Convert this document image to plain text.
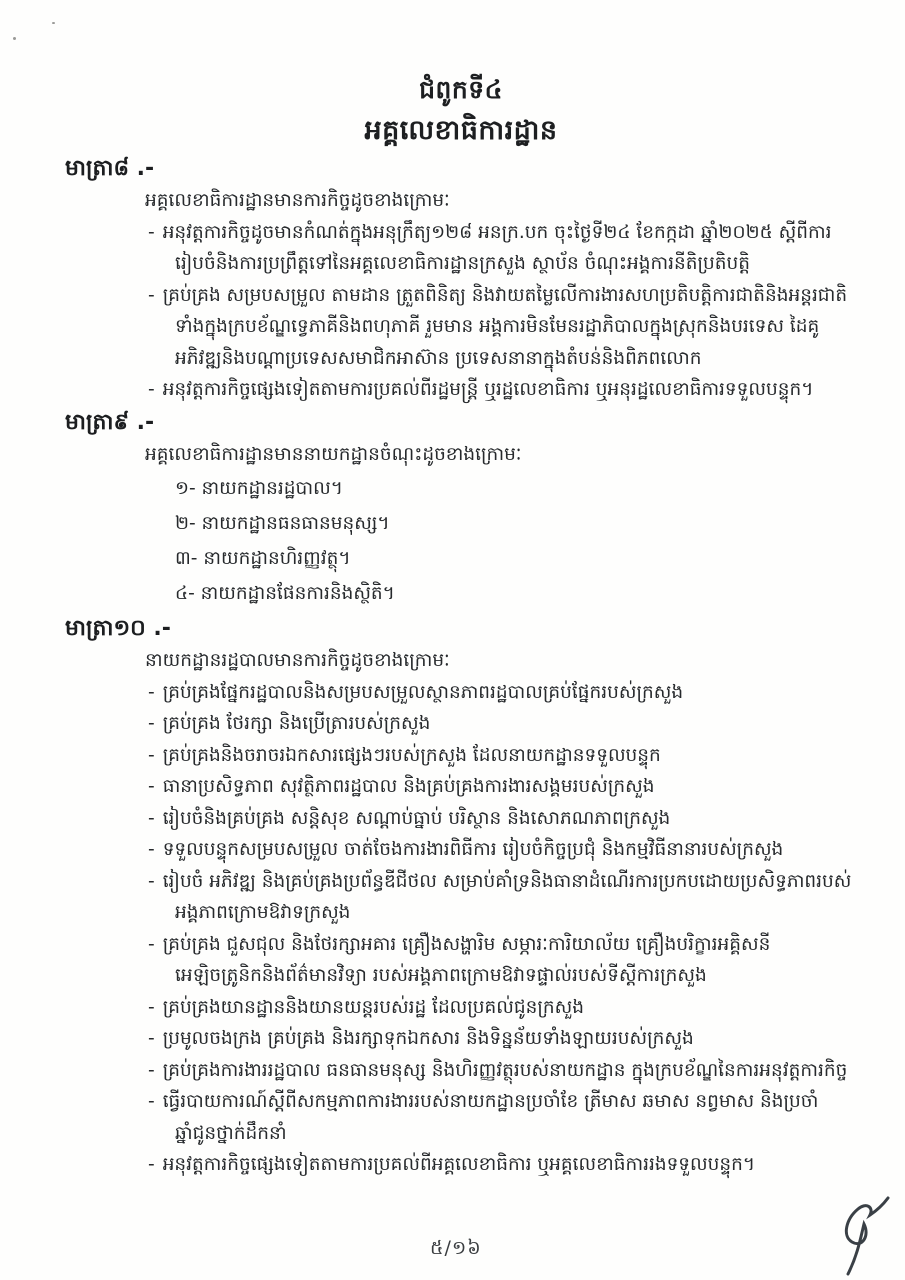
ជំពូកទី៤
អគ្គលេខាធិការដ្ឋាន
មាត្រា៨ .-

អគ្គលេខាធិការដ្ឋានមានការកិច្ចដូចខាងក្រោមៈ

- អនុវត្តការកិច្ចដូចមានកំណត់ក្នុងអនុក្រឹត្យ១២៨ អនក្រ.បក ចុះថ្ងៃទី២៤ ខែកក្កដា ឆ្នាំ២០២៥ ស្តីពីការរៀបចំនិងការប្រព្រឹត្តទៅនៃអគ្គលេខាធិការដ្ឋានក្រសួង ស្ថាប័ន ចំណុះអង្គការនីតិប្រតិបត្តិ

- គ្រប់គ្រង សម្របសម្រួល តាមដាន ត្រួតពិនិត្យ និងវាយតម្លៃលើការងារសហប្រតិបត្តិការជាតិនិងអន្តរជាតិ ទាំងក្នុងក្របខ័ណ្ឌទ្វេភាគីនិងពហុភាគី រួមមាន អង្គការមិនមែនរដ្ឋាភិបាលក្នុងស្រុកនិងបរទេស ដៃគូអភិវឌ្ឍនិងបណ្តាប្រទេសសមាជិកអាស៊ាន ប្រទេសនានាក្នុងតំបន់និងពិភពលោក

- អនុវត្តការកិច្ចផ្សេងទៀតតាមការប្រគល់ពីរដ្ឋមន្ត្រី ឬរដ្ឋលេខាធិការ ឬអនុរដ្ឋលេខាធិការទទួលបន្ទុក។

មាត្រា៩ .-

អគ្គលេខាធិការដ្ឋានមាននាយកដ្ឋានចំណុះដូចខាងក្រោមៈ

១- នាយកដ្ឋានរដ្ឋបាល។

២- នាយកដ្ឋានធនធានមនុស្ស។

៣- នាយកដ្ឋានហិរញ្ញវត្ថុ។

៤- នាយកដ្ឋានផែនការនិងស្ថិតិ។

មាត្រា១០ .-

នាយកដ្ឋានរដ្ឋបាលមានការកិច្ចដូចខាងក្រោមៈ

- គ្រប់គ្រងផ្នែករដ្ឋបាលនិងសម្របសម្រួលស្ថានភាពរដ្ឋបាលគ្រប់ផ្នែករបស់ក្រសួង

- គ្រប់គ្រង ថែរក្សា និងប្រើត្រារបស់ក្រសួង

- គ្រប់គ្រងនិងចរាចរឯកសារផ្សេងៗរបស់ក្រសួង ដែលនាយកដ្ឋានទទួលបន្ទុក

- ធានាប្រសិទ្ធភាព សុវត្ថិភាពរដ្ឋបាល និងគ្រប់គ្រងការងារសង្គមរបស់ក្រសួង

- រៀបចំនិងគ្រប់គ្រង សន្តិសុខ សណ្តាប់ធ្នាប់ បរិស្ថាន និងសោភណភាពក្រសួង

- ទទួលបន្ទុកសម្របសម្រួល ចាត់ចែងការងារពិធីការ រៀបចំកិច្ចប្រជុំ និងកម្មវិធីនានារបស់ក្រសួង

- រៀបចំ អភិវឌ្ឍ និងគ្រប់គ្រងប្រព័ន្ធឌីជីថល សម្រាប់គាំទ្រនិងធានាដំណើរការប្រកបដោយប្រសិទ្ធភាពរបស់អង្គភាពក្រោមឱវាទក្រសួង

- គ្រប់គ្រង ជួសជុល និងថែរក្សាអគារ គ្រឿងសង្ហារិម សម្ភារៈការិយាល័យ គ្រឿងបរិក្ខារអគ្គិសនី អេឡិចត្រូនិកនិងព័ត៌មានវិទ្យា របស់អង្គភាពក្រោមឱវាទផ្ទាល់របស់ទីស្តីការក្រសួង

- គ្រប់គ្រងយានដ្ឋាននិងយានយន្តរបស់រដ្ឋ ដែលប្រគល់ជូនក្រសួង

- ប្រមូលចងក្រង គ្រប់គ្រង និងរក្សាទុកឯកសារ និងទិន្នន័យទាំងឡាយរបស់ក្រសួង

- គ្រប់គ្រងការងាររដ្ឋបាល ធនធានមនុស្ស និងហិរញ្ញវត្ថុរបស់នាយកដ្ឋាន ក្នុងក្របខ័ណ្ឌនៃការអនុវត្តការកិច្ច

- ធ្វើរបាយការណ៍ស្តីពីសកម្មភាពការងាររបស់នាយកដ្ឋានប្រចាំខែ ត្រីមាស ឆមាស នព្វមាស និងប្រចាំឆ្នាំជូនថ្នាក់ដឹកនាំ

- អនុវត្តការកិច្ចផ្សេងទៀតតាមការប្រគល់ពីអគ្គលេខាធិការ ឬអគ្គលេខាធិការរងទទួលបន្ទុក។

៥/១៦
